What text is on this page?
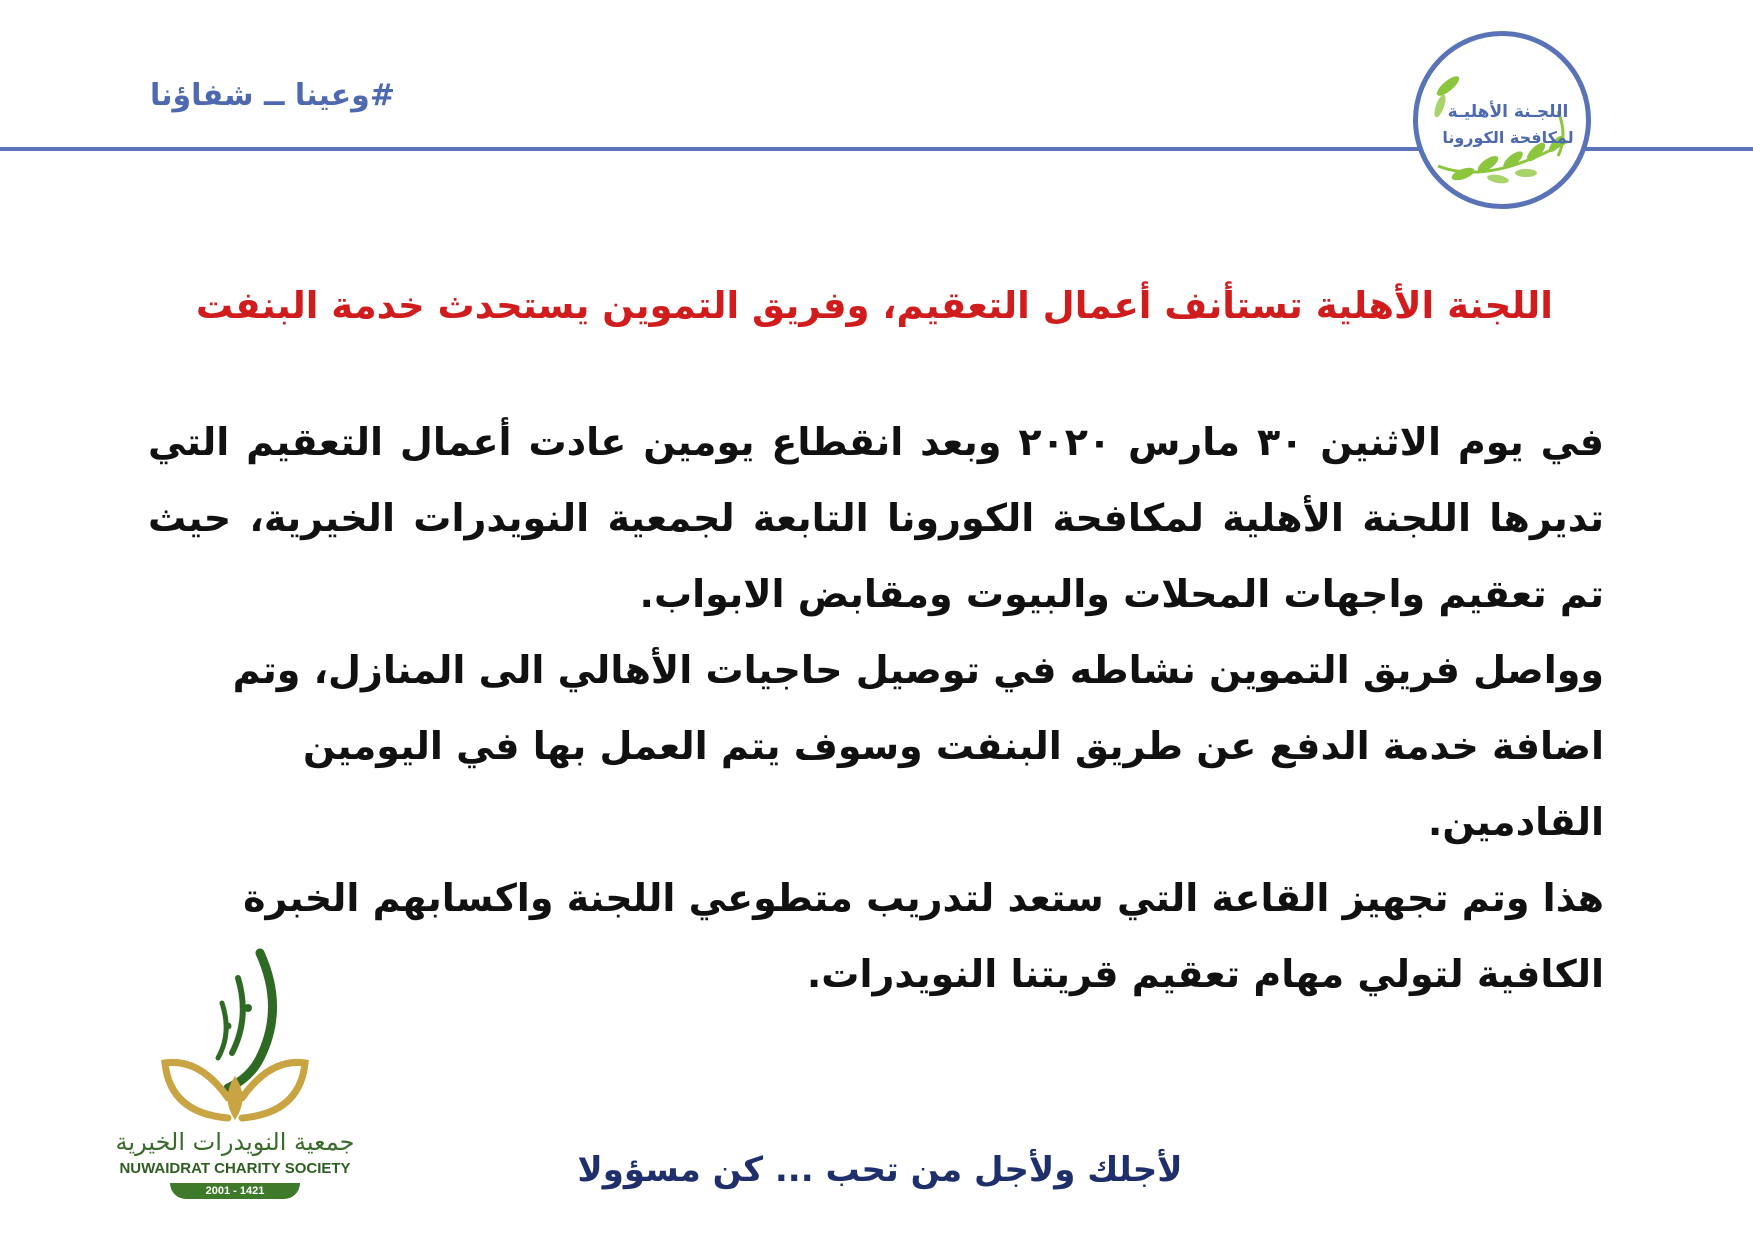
#وعينا ــ شفاؤنا	اللجـنة الأهليـة
لمكافحة الكورونا
اللجنة الأهلية تستأنف أعمال التعقيم، وفريق التموين يستحدث خدمة البنفت

في يوم الاثنين ٣٠ مارس ٢٠٢٠ وبعد انقطاع يومين عادت أعمال التعقيم التي تديرها اللجنة الأهلية لمكافحة الكورونا التابعة لجمعية النويدرات الخيرية، حيث تم تعقيم واجهات المحلات والبيوت ومقابض الابواب.

وواصل فريق التموين نشاطه في توصيل حاجيات الأهالي الى المنازل، وتم اضافة خدمة الدفع عن طريق البنفت وسوف يتم العمل بها في اليومين القادمين.

هذا وتم تجهيز القاعة التي ستعد لتدريب متطوعي اللجنة واكسابهم الخبرة الكافية لتولي مهام تعقيم قريتنا النويدرات.

جمعية النويدرات الخيرية
NUWAIDRAT CHARITY SOCIETY
2001 - 1421
لأجلك ولأجل من تحب ... كن مسؤولا
